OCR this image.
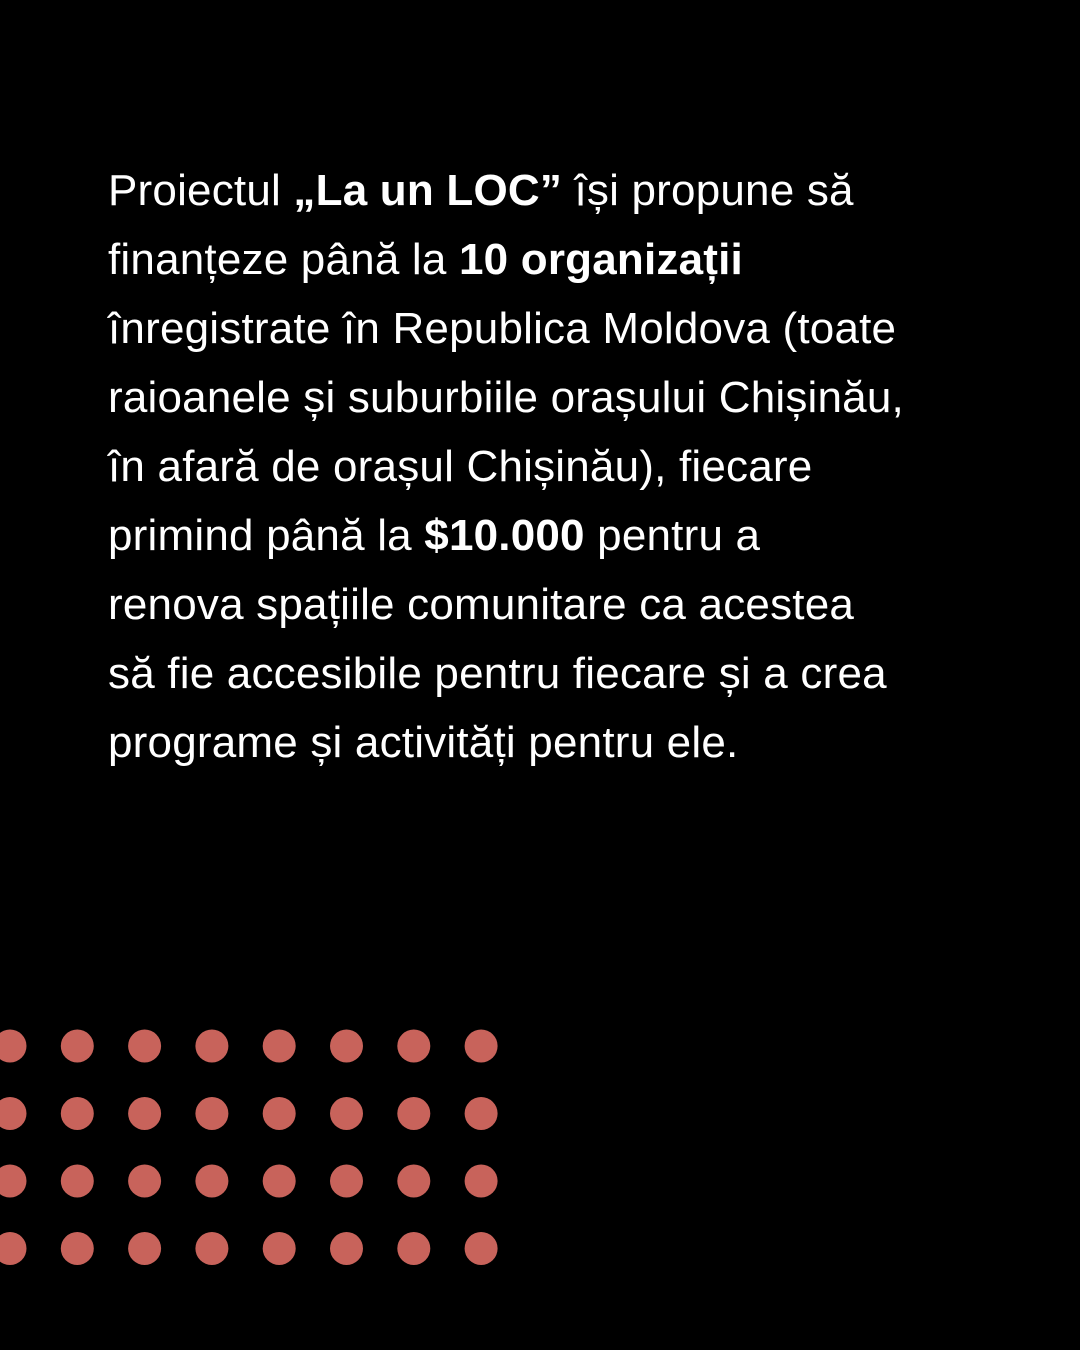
Proiectul „La un LOC” își propune să
finanțeze până la 10 organizații
înregistrate în Republica Moldova (toate
raioanele și suburbiile orașului Chișinău,
în afară de orașul Chișinău), fiecare
primind până la $10.000 pentru a
renova spațiile comunitare ca acestea
să fie accesibile pentru fiecare și a crea
programe și activități pentru ele.
